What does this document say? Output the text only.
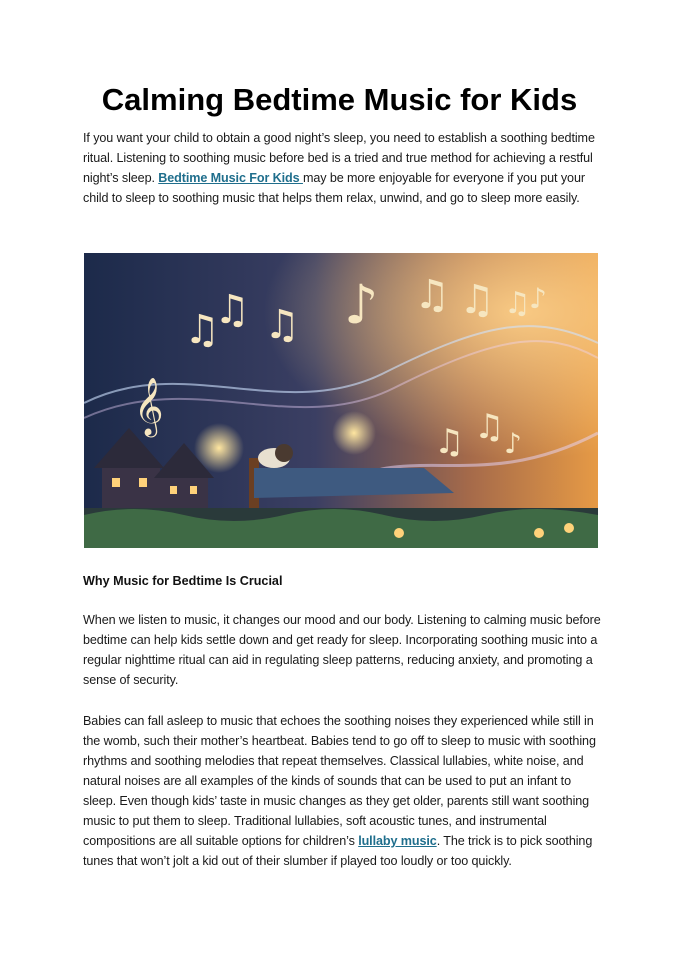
Calming Bedtime Music for Kids

If you want your child to obtain a good night’s sleep, you need to establish a soothing bedtime ritual. Listening to soothing music before bed is a tried and true method for achieving a restful night’s sleep. Bedtime Music For Kids may be more enjoyable for everyone if you put your child to sleep to soothing music that helps them relax, unwind, and go to sleep more easily.

♫
♫ ♫ ♪ ♫ ♫ ♫
♪
𝄞
♫ ♫ ♪
Why Music for Bedtime Is Crucial

When we listen to music, it changes our mood and our body. Listening to calming music before bedtime can help kids settle down and get ready for sleep. Incorporating soothing music into a regular nighttime ritual can aid in regulating sleep patterns, reducing anxiety, and promoting a sense of security.

Babies can fall asleep to music that echoes the soothing noises they experienced while still in the womb, such their mother’s heartbeat. Babies tend to go off to sleep to music with soothing rhythms and soothing melodies that repeat themselves. Classical lullabies, white noise, and natural noises are all examples of the kinds of sounds that can be used to put an infant to sleep. Even though kids’ taste in music changes as they get older, parents still want soothing music to put them to sleep. Traditional lullabies, soft acoustic tunes, and instrumental compositions are all suitable options for children’s lullaby music. The trick is to pick soothing tunes that won’t jolt a kid out of their slumber if played too loudly or too quickly.
